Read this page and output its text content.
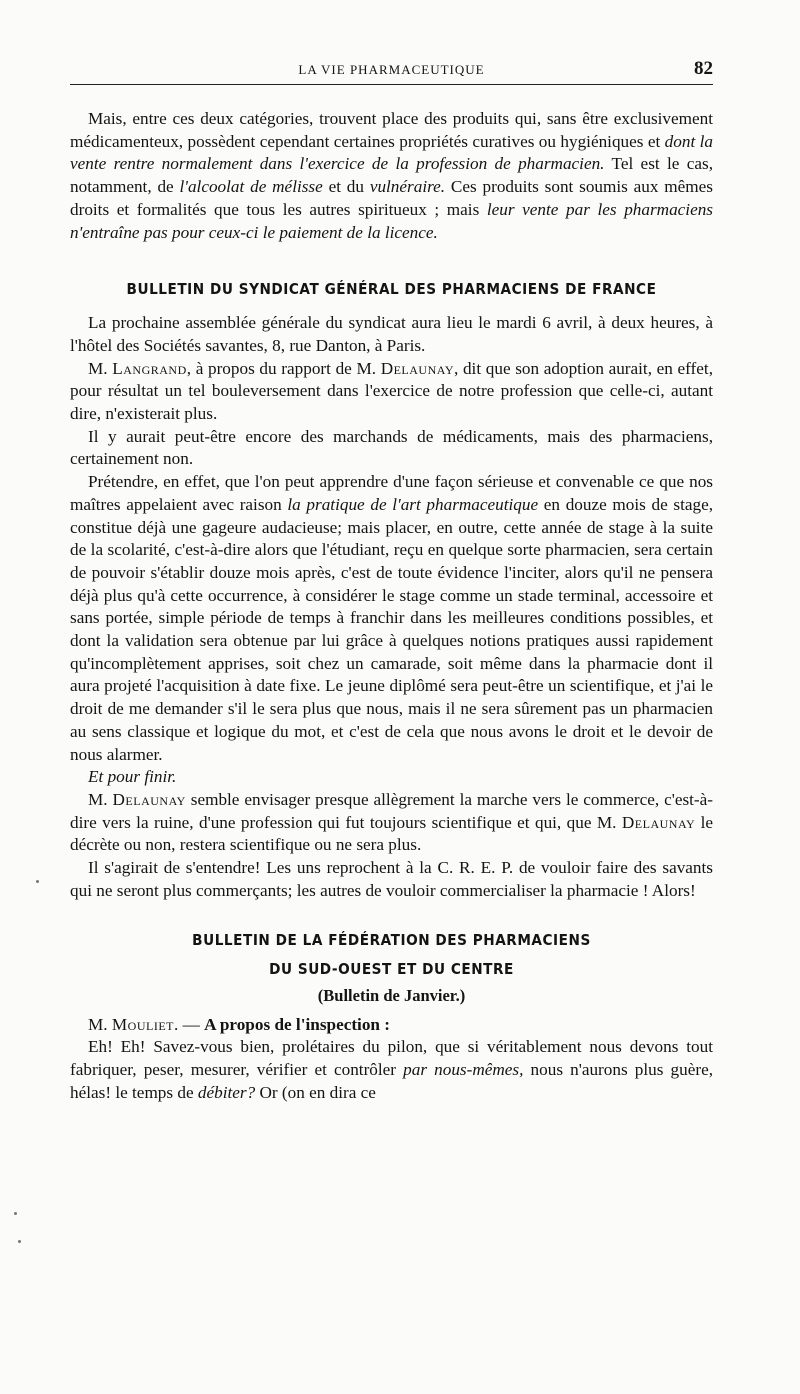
LA VIE PHARMACEUTIQUE	82

Mais, entre ces deux catégories, trouvent place des produits qui, sans être exclusivement médicamenteux, possèdent cependant certaines propriétés curatives ou hygiéniques et dont la vente rentre normalement dans l'exercice de la profession de pharmacien. Tel est le cas, notamment, de l'alcoolat de mélisse et du vulnéraire. Ces produits sont soumis aux mêmes droits et formalités que tous les autres spiritueux ; mais leur vente par les pharmaciens n'entraîne pas pour ceux-ci le paiement de la licence.

BULLETIN DU SYNDICAT GÉNÉRAL DES PHARMACIENS DE FRANCE

La prochaine assemblée générale du syndicat aura lieu le mardi 6 avril, à deux heures, à l'hôtel des Sociétés savantes, 8, rue Danton, à Paris.

M. Langrand, à propos du rapport de M. Delaunay, dit que son adoption aurait, en effet, pour résultat un tel bouleversement dans l'exercice de notre profession que celle-ci, autant dire, n'existerait plus.

Il y aurait peut-être encore des marchands de médicaments, mais des pharmaciens, certainement non.

Prétendre, en effet, que l'on peut apprendre d'une façon sérieuse et convenable ce que nos maîtres appelaient avec raison la pratique de l'art pharmaceutique en douze mois de stage, constitue déjà une gageure audacieuse; mais placer, en outre, cette année de stage à la suite de la scolarité, c'est-à-dire alors que l'étudiant, reçu en quelque sorte pharmacien, sera certain de pouvoir s'établir douze mois après, c'est de toute évidence l'inciter, alors qu'il ne pensera déjà plus qu'à cette occurrence, à considérer le stage comme un stade terminal, accessoire et sans portée, simple période de temps à franchir dans les meilleures conditions possibles, et dont la validation sera obtenue par lui grâce à quelques notions pratiques aussi rapidement qu'incomplètement apprises, soit chez un camarade, soit même dans la pharmacie dont il aura projeté l'acquisition à date fixe. Le jeune diplômé sera peut-être un scientifique, et j'ai le droit de me demander s'il le sera plus que nous, mais il ne sera sûrement pas un pharmacien au sens classique et logique du mot, et c'est de cela que nous avons le droit et le devoir de nous alarmer.

Et pour finir.

M. Delaunay semble envisager presque allègrement la marche vers le commerce, c'est-à-dire vers la ruine, d'une profession qui fut toujours scientifique et qui, que M. Delaunay le décrète ou non, restera scientifique ou ne sera plus.

Il s'agirait de s'entendre! Les uns reprochent à la C. R. E. P. de vouloir faire des savants qui ne seront plus commerçants; les autres de vouloir commercialiser la pharmacie ! Alors!

BULLETIN DE LA FÉDÉRATION DES PHARMACIENS
DU SUD-OUEST ET DU CENTRE
(Bulletin de Janvier.)

M. Mouliet. — A propos de l'inspection :

Eh! Eh! Savez-vous bien, prolétaires du pilon, que si véritablement nous devons tout fabriquer, peser, mesurer, vérifier et contrôler par nous-mêmes, nous n'aurons plus guère, hélas! le temps de débiter? Or (on en dira ce
